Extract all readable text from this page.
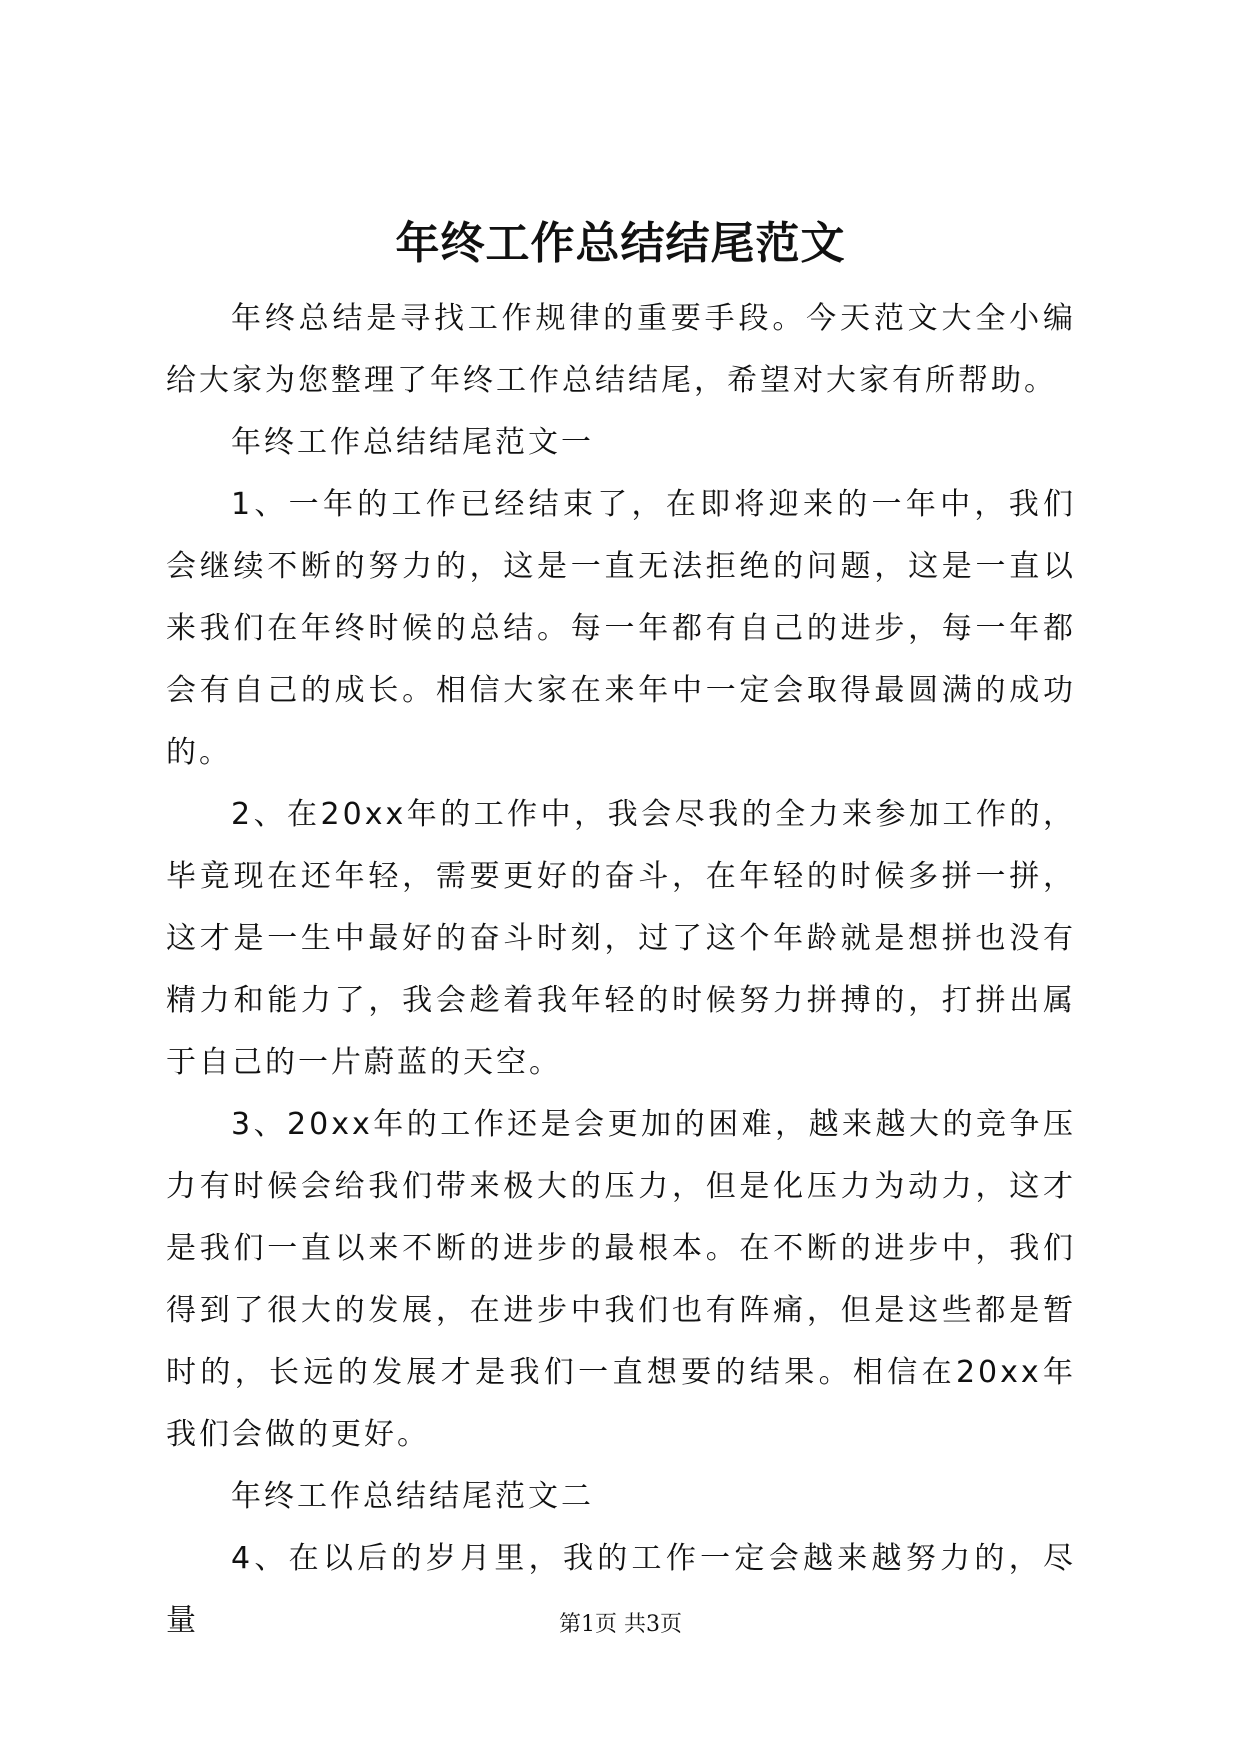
年终工作总结结尾范文

年终总结是寻找工作规律的重要手段。今天范文大全小编给大家为您整理了年终工作总结结尾，希望对大家有所帮助。

年终工作总结结尾范文一

1、一年的工作已经结束了，在即将迎来的一年中，我们会继续不断的努力的，这是一直无法拒绝的问题，这是一直以来我们在年终时候的总结。每一年都有自己的进步，每一年都会有自己的成长。相信大家在来年中一定会取得最圆满的成功的。

2、在20xx年的工作中，我会尽我的全力来参加工作的，毕竟现在还年轻，需要更好的奋斗，在年轻的时候多拼一拼，这才是一生中最好的奋斗时刻，过了这个年龄就是想拼也没有精力和能力了，我会趁着我年轻的时候努力拼搏的，打拼出属于自己的一片蔚蓝的天空。

3、20xx年的工作还是会更加的困难，越来越大的竞争压力有时候会给我们带来极大的压力，但是化压力为动力，这才是我们一直以来不断的进步的最根本。在不断的进步中，我们得到了很大的发展，在进步中我们也有阵痛，但是这些都是暂时的，长远的发展才是我们一直想要的结果。相信在20xx年我们会做的更好。

年终工作总结结尾范文二

4、在以后的岁月里，我的工作一定会越来越努力的，尽量	第1页 共3页
